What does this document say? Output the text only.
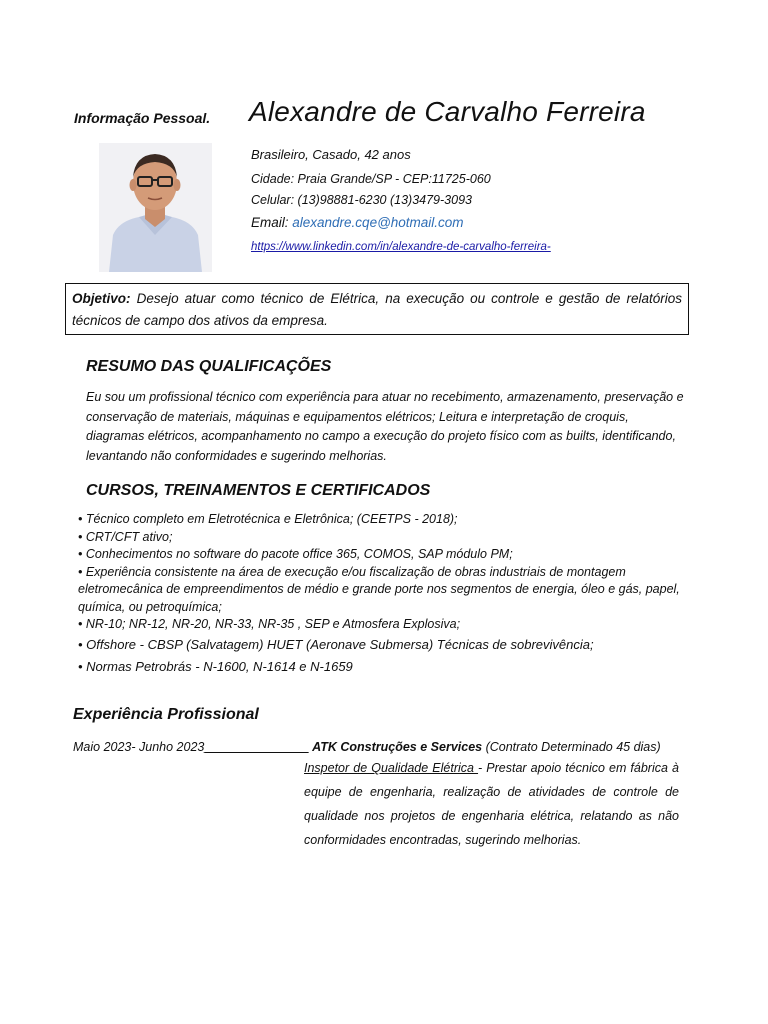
Informação Pessoal. Alexandre de Carvalho Ferreira
Brasileiro, Casado, 42 anos
Cidade: Praia Grande/SP - CEP:11725-060
Celular: (13)98881-6230 (13)3479-3093
Email: alexandre.cqe@hotmail.com
https://www.linkedin.com/in/alexandre-de-carvalho-ferreira-
Objetivo: Desejo atuar como técnico de Elétrica, na execução ou controle e gestão de relatórios técnicos de campo dos ativos da empresa.
RESUMO DAS QUALIFICAÇÕES
Eu sou um profissional técnico com experiência para atuar no recebimento, armazenamento, preservação e conservação de materiais, máquinas e equipamentos elétricos; Leitura e interpretação de croquis, diagramas elétricos, acompanhamento no campo a execução do projeto físico com as builts, identificando, levantando não conformidades e sugerindo melhorias.
CURSOS, TREINAMENTOS E CERTIFICADOS
• Técnico completo em Eletrotécnica e Eletrônica; (CEETPS - 2018);
• CRT/CFT ativo;
• Conhecimentos no software do pacote office 365, COMOS, SAP módulo PM;
• Experiência consistente na área de execução e/ou fiscalização de obras industriais de montagem eletromecânica de empreendimentos de médio e grande porte nos segmentos de energia, óleo e gás, papel, química, ou petroquímica;
• NR-10; NR-12, NR-20, NR-33, NR-35 , SEP e Atmosfera Explosiva;
• Offshore - CBSP (Salvatagem) HUET (Aeronave Submersa) Técnicas de sobrevivência;
• Normas Petrobrás - N-1600, N-1614 e N-1659
Experiência Profissional
Maio 2023- Junho 2023_______________ ATK Construções e Services (Contrato Determinado 45 dias)
Inspetor de Qualidade Elétrica - Prestar apoio técnico em fábrica à equipe de engenharia, realização de atividades de controle de qualidade nos projetos de engenharia elétrica, relatando as não conformidades encontradas, sugerindo melhorias.
